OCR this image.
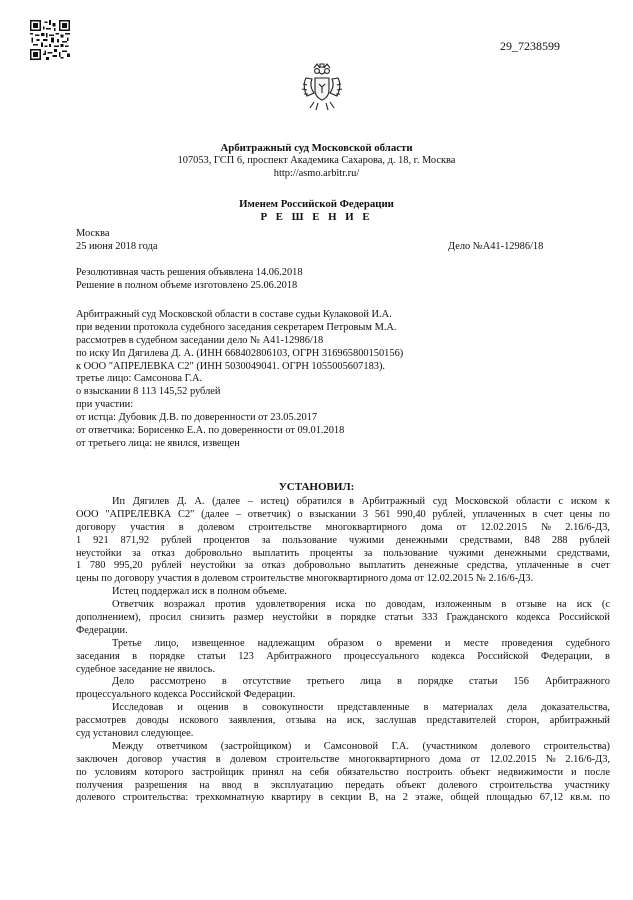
29_7238599
Арбитражный суд Московской области
107053, ГСП 6, проспект Академика Сахарова, д. 18, г. Москва
http://asmo.arbitr.ru/
Именем Российской Федерации
Р Е Ш Е Н И Е
Москва
25 июня 2018 года	Дело №А41-12986/18
Резолютивная часть решения объявлена 14.06.2018
Решение в полном объеме изготовлено 25.06.2018
Арбитражный суд Московской области в составе судьи Кулаковой И.А.
при ведении протокола судебного заседания секретарем Петровым М.А.
рассмотрев в судебном заседании дело № А41-12986/18
по иску Ип Дягилева Д. А. (ИНН 668402806103, ОГРН 316965800150156)
к ООО "АПРЕЛЕВКА С2" (ИНН 5030049041. ОГРН 1055005607183).
третье лицо: Самсонова Г.А.
о взыскании 8 113 145,52 рублей
при участии:
от истца: Дубовик Д.В. по доверенности от 23.05.2017
от ответчика: Борисенко Е.А. по доверенности от 09.01.2018
от третьего лица: не явился, извещен
УСТАНОВИЛ:
Ип Дягилев Д. А. (далее – истец) обратился в Арбитражный суд Московской области с иском к
ООО "АПРЕЛЕВКА С2" (далее – ответчик) о взыскании 3 561 990,40 рублей, уплаченных в счет цены по
договору участия в долевом строительстве многоквартирного дома от 12.02.2015 № 2.16/6-Д3,
1 921 871,92 рублей процентов за пользование чужими денежными средствами, 848 288 рублей
неустойки за отказ добровольно выплатить проценты за пользование чужими денежными средствами,
1 780 995,20 рублей неустойки за отказ добровольно выплатить денежные средства, уплаченные в счет
цены по договору участия в долевом строительстве многоквартирного дома от 12.02.2015 № 2.16/6-Д3.
Истец поддержал иск в полном объеме.
Ответчик возражал против удовлетворения иска по доводам, изложенным в отзыве на иск (с
дополнением), просил снизить размер неустойки в порядке статьи 333 Гражданского кодекса Российской
Федерации.
Третье лицо, извещенное надлежащим образом о времени и месте проведения судебного
заседания в порядке статьи 123 Арбитражного процессуального кодекса Российской Федерации, в
судебное заседание не явилось.
Дело рассмотрено в отсутствие третьего лица в порядке статьи 156 Арбитражного
процессуального кодекса Российской Федерации.
Исследовав и оценив в совокупности представленные в материалах дела доказательства,
рассмотрев доводы искового заявления, отзыва на иск, заслушав представителей сторон, арбитражный
суд установил следующее.
Между ответчиком (застройщиком) и Самсоновой Г.А. (участником долевого строительства)
заключен договор участия в долевом строительстве многоквартирного дома от 12.02.2015 № 2.16/6-Д3,
по условиям которого застройщик принял на себя обязательство построить объект недвижимости и после
получения разрешения на ввод в эксплуатацию передать объект долевого строительства участнику
долевого строительства: трехкомнатную квартиру в секции В, на 2 этаже, общей площадью 67,12 кв.м. по
